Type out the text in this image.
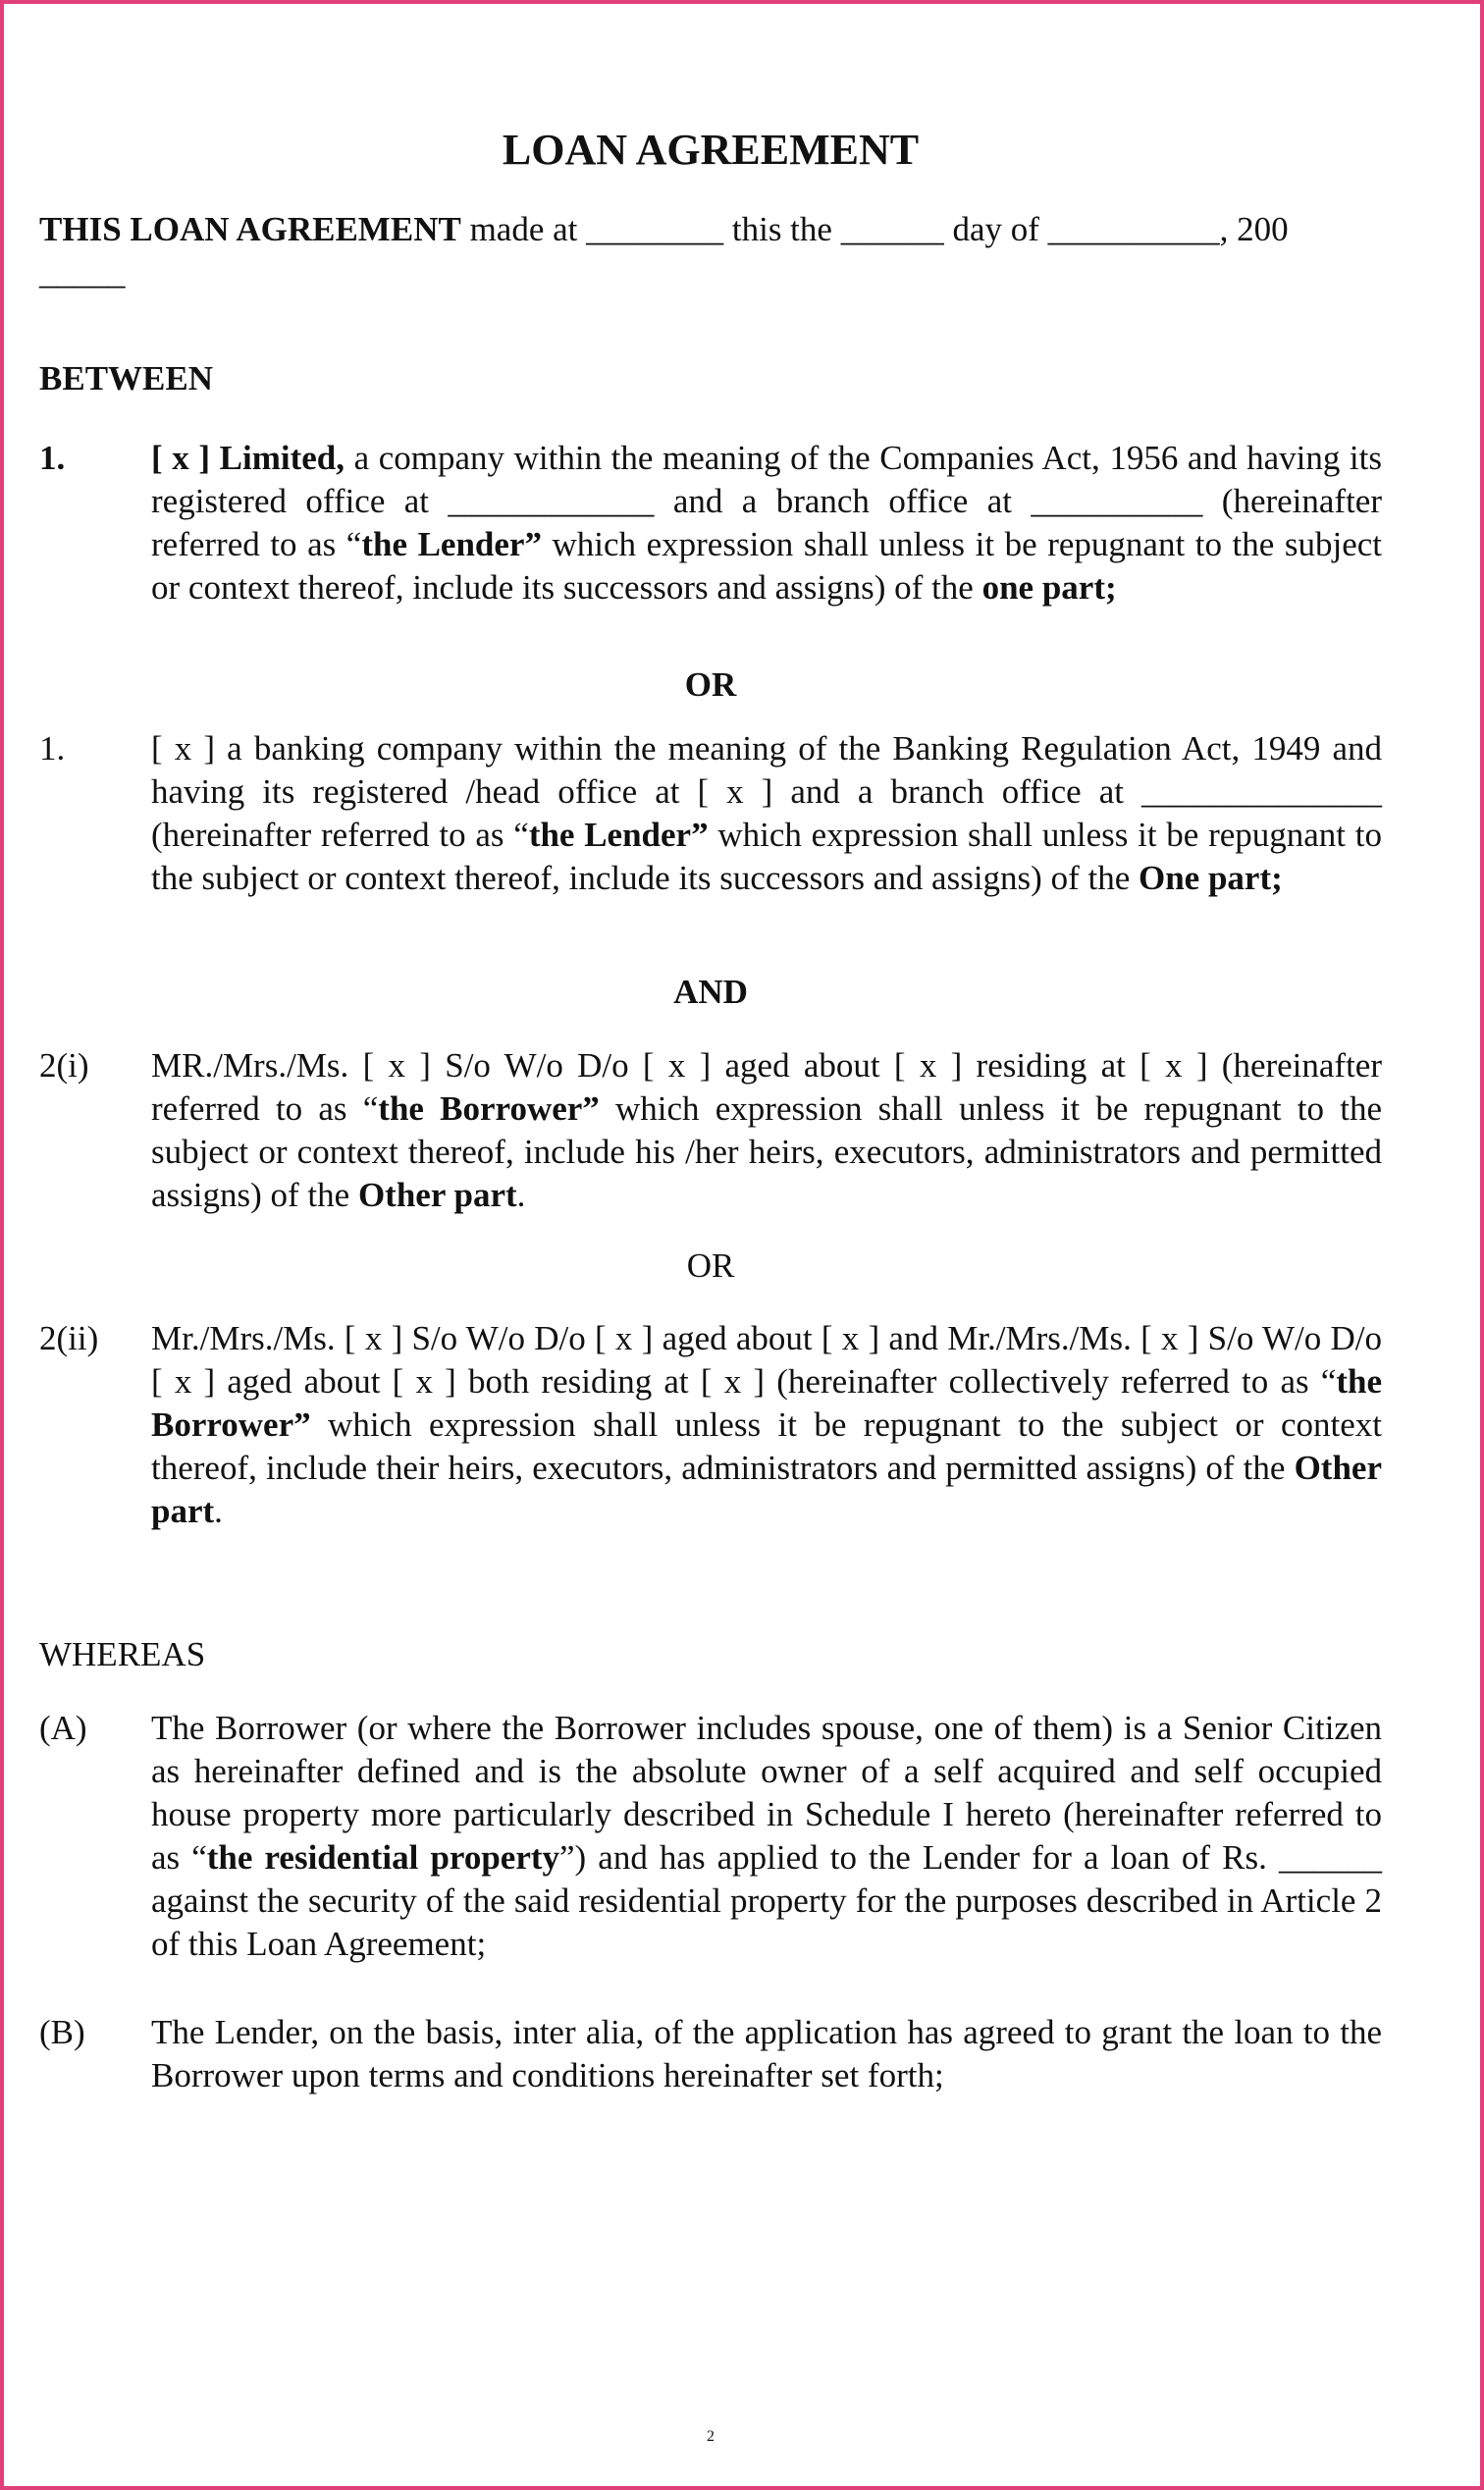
LOAN AGREEMENT
THIS LOAN AGREEMENT made at ________ this the ______ day of __________, 200 _____
BETWEEN
1.	[ x ] Limited, a company within the meaning of the Companies Act, 1956 and having its registered office at ____________ and a branch office at __________ (hereinafter referred to as “the Lender” which expression shall unless it be repugnant to the subject or context thereof, include its successors and assigns) of the one part;
OR
1.	[ x ] a banking company within the meaning of the Banking Regulation Act, 1949 and having its registered /head office at [ x ] and a branch office at ______________ (hereinafter referred to as “the Lender” which expression shall unless it be repugnant to the subject or context thereof, include its successors and assigns) of the One part;
AND
2(i) MR./Mrs./Ms. [ x ] S/o W/o D/o [ x ] aged about [ x ] residing at [ x ] (hereinafter referred to as “the Borrower” which expression shall unless it be repugnant to the subject or context thereof, include his /her heirs, executors, administrators and permitted assigns) of the Other part.
OR
2(ii) Mr./Mrs./Ms. [ x ] S/o W/o D/o [ x ] aged about [ x ] and Mr./Mrs./Ms. [ x ] S/o W/o D/o [ x ] aged about [ x ] both residing at [ x ] (hereinafter collectively referred to as “the Borrower” which expression shall unless it be repugnant to the subject or context thereof, include their heirs, executors, administrators and permitted assigns) of the Other part.
WHEREAS
(A) The Borrower (or where the Borrower includes spouse, one of them) is a Senior Citizen as hereinafter defined and is the absolute owner of a self acquired and self occupied house property more particularly described in Schedule I hereto (hereinafter referred to as “the residential property”) and has applied to the Lender for a loan of Rs. ______ against the security of the said residential property for the purposes described in Article 2 of this Loan Agreement;
(B) The Lender, on the basis, inter alia, of the application has agreed to grant the loan to the Borrower upon terms and conditions hereinafter set forth;
2
